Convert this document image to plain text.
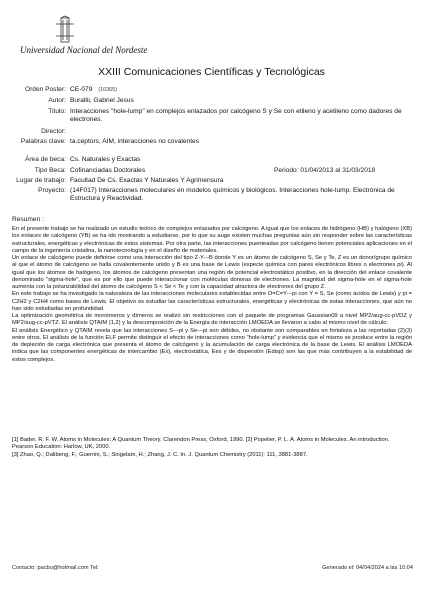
Universidad Nacional del Nordeste
XXIII Comunicaciones Científicas y Tecnológicas
Orden Poster: CE-079 (10365)
Autor: Burallii, Gabriel Jesus
Titulo: Interacciones "hole-lump" en complejos enlazados por calcógeno S y Se con etileno y acetileno como dadores de electrones.
Director:
Palabras clave: ta.ceptors, AIM, interacciones no covalentes
Área de beca: Cs. Naturales y Exactas
Tipo Beca: Cofinanciadas Doctorales	Periodo: 01/04/2013 al 31/03/2018
Lugar de trabajo: Facultad De Cs. Exactas Y Naturales Y Agrimensura
Proyecto: (14F017) Interacciones moleculares en modelos químicos y biológicos. Interacciones hole-lump. Electrónica de Estructura y Reactividad.
Resumen :

En el presente trabajo se ha realizado un estudio teórico de complejos enlazados por calcógeno. A igual que los enlaces de hidrógeno (HB) y halógeno (XB) los enlaces de calcógeno (YB) se ha ido mostrando a estudiarse, por lo que su auge existen muchas preguntas aún sin responder sobre las características estructurales, energéticas y electrónicas de estos sistemas. Por otra parte, las interacciones puenteadas por calcógeno tienen potenciales aplicaciones en el campo de la ingeniería cristalina, la nanotecnología y en el diseño de materiales.

Un enlace de calcógeno puede definirse como una interacción del tipo Z-Y---B donde Y es un átomo de calcógeno S, Se y Te, Z es un donor/grupo químico al que el átomo de calcógeno se halla covalentemente unido y B es una base de Lewis (especie química con pares electrónicos libres o electrones pi). Al igual que los átomos de halógeno, los átomos de calcógeno presentan una región de potencial electrostático positivo, en la dirección del enlace covalente denominado "sigma-hole", que es por ello que puede interaccionar con moléculas donoras de electrones. La magnitud del sigma-hole en el sigma-hole aumenta con la polarizabilidad del átomo de calcógeno S < Se < Te y con la capacidad atractora de electrones del grupo Z.

En este trabajo se ha investigado la naturaleza de las interacciones moleculares establecidas entre O=C=Y---pi con Y = S, Se (como ácidos de Lewis) y pi = C2H2 y C2H4 como bases de Lewis. El objetivo es estudiar las características estructurales, energéticas y electrónicas de estas interacciones, que aún no han sido estudiadas en profundidad.

La optimización geométrica de monómeros y dímeros se realizó sin restricciones con el paquete de programas Gaussian09 a nivel MP2/aug-cc-pVDZ y MP2/aug-cc-pVTZ. El análisis QTAIM (1,2) y la descomposición de la Energía de interacción LMOEDA se llevaron a cabo al mismo nivel de cálculo.

El análisis Energético y QTAIM revela que las interacciones S---pi y Se---pi son débiles, no obstante son comparables en fortaleza a las reportadas (2)(3) entre otros. El análisis de la función ELF permite distinguir el efecto de interacciones como "hole-lump" y evidencia que el mismo se produce entre la región de depleción de carga electrónica que presenta el átomo de calcógeno y la acumulación de carga electrónica de la base de Lewis. El análisis LMOEDA indica que las componentes energéticas de intercambio (Ex), electrostática, Ees y de dispersión (Edisp) son las que más contribuyen a la estabilidad de estos complejos.

[1] Bader, R. F. W. Atoms in Molecules: A Quantum Theory. Clarendon Press, Oxford, 1990. [2] Popelier, P. L. A. Atoms in Molecules. An introduction. Pearson Education: Harlow, UK, 2000.

[3] Zhao, Q.; Dalibeng, F.; Guerrini, S.; Singelam, H.; Zhang, J. C. In. J. Quantum Chemistry (2011): 111, 3881-3887.

Contacto: pacbu@hotmail.com Tel:	Generado el: 04/04/2024 a las 10:04
